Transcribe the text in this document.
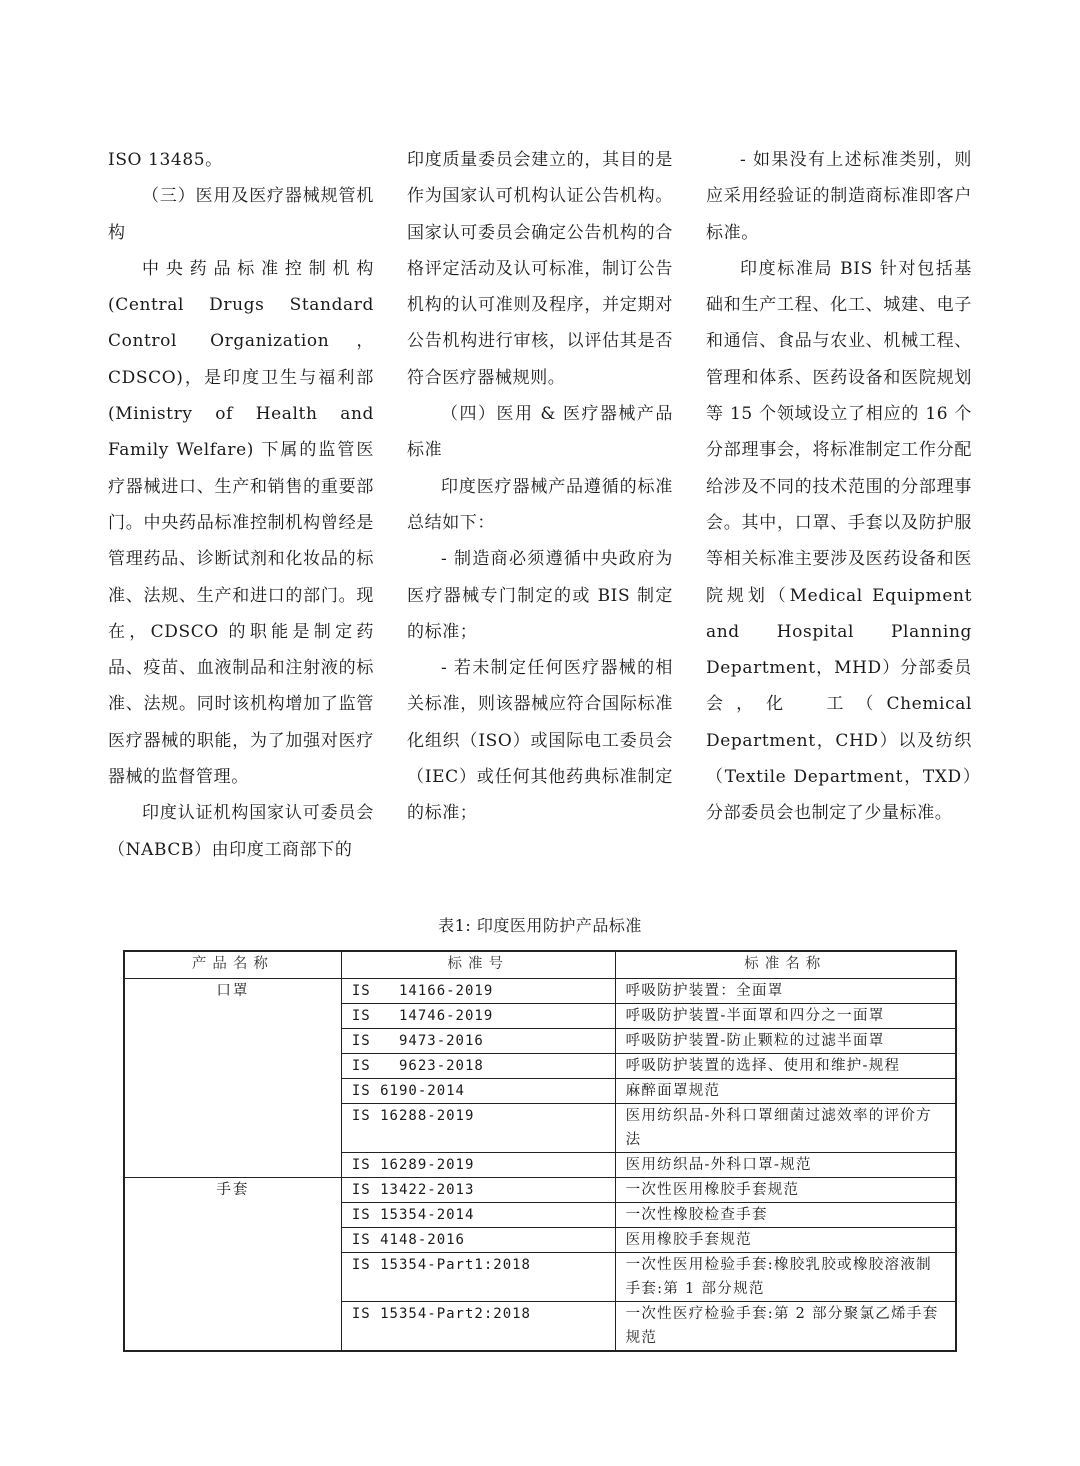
ISO 13485。

（三）医用及医疗器械规管机构

中央药品标准控制机构(Central Drugs Standard Control Organization，CDSCO)，是印度卫生与福利部 (Ministry of Health and Family Welfare) 下属的监管医疗器械进口、生产和销售的重要部门。中央药品标准控制机构曾经是管理药品、诊断试剂和化妆品的标准、法规、生产和进口的部门。现在，CDSCO 的职能是制定药品、疫苗、血液制品和注射液的标准、法规。同时该机构增加了监管医疗器械的职能，为了加强对医疗器械的监督管理。

印度认证机构国家认可委员会（NABCB）由印度工商部下的

印度质量委员会建立的，其目的是作为国家认可机构认证公告机构。国家认可委员会确定公告机构的合格评定活动及认可标准，制订公告机构的认可准则及程序，并定期对公告机构进行审核，以评估其是否符合医疗器械规则。

（四）医用 & 医疗器械产品标准

印度医疗器械产品遵循的标准总结如下：

- 制造商必须遵循中央政府为医疗器械专门制定的或 BIS 制定的标准；

- 若未制定任何医疗器械的相关标准，则该器械应符合国际标准化组织（ISO）或国际电工委员会（IEC）或任何其他药典标准制定的标准；

- 如果没有上述标准类别，则应采用经验证的制造商标准即客户标准。

印度标准局 BIS 针对包括基础和生产工程、化工、城建、电子和通信、食品与农业、机械工程、管理和体系、医药设备和医院规划等 15 个领域设立了相应的 16 个分部理事会，将标准制定工作分配给涉及不同的技术范围的分部理事会。其中，口罩、手套以及防护服等相关标准主要涉及医药设备和医院规划（Medical Equipment and Hospital Planning Department，MHD）分部委员会，化　工（Chemical Department，CHD）以及纺织（Textile Department，TXD）分部委员会也制定了少量标准。

表1: 印度医用防护产品标准
产品名称	标准号	标准名称
口罩	IS   14166-2019	呼吸防护装置：全面罩
	IS   14746-2019	呼吸防护装置-半面罩和四分之一面罩
	IS   9473-2016	呼吸防护装置-防止颗粒的过滤半面罩
	IS   9623-2018	呼吸防护装置的选择、使用和维护-规程
	IS 6190-2014	麻醉面罩规范
	IS 16288-2019	医用纺织品-外科口罩细菌过滤效率的评价方法
	IS 16289-2019	医用纺织品-外科口罩-规范
手套	IS 13422-2013	一次性医用橡胶手套规范
	IS 15354-2014	一次性橡胶检查手套
	IS 4148-2016	医用橡胶手套规范
	IS 15354-Part1:2018	一次性医用检验手套:橡胶乳胶或橡胶溶液制手套:第 1 部分规范
	IS 15354-Part2:2018	一次性医疗检验手套:第 2 部分聚氯乙烯手套规范
